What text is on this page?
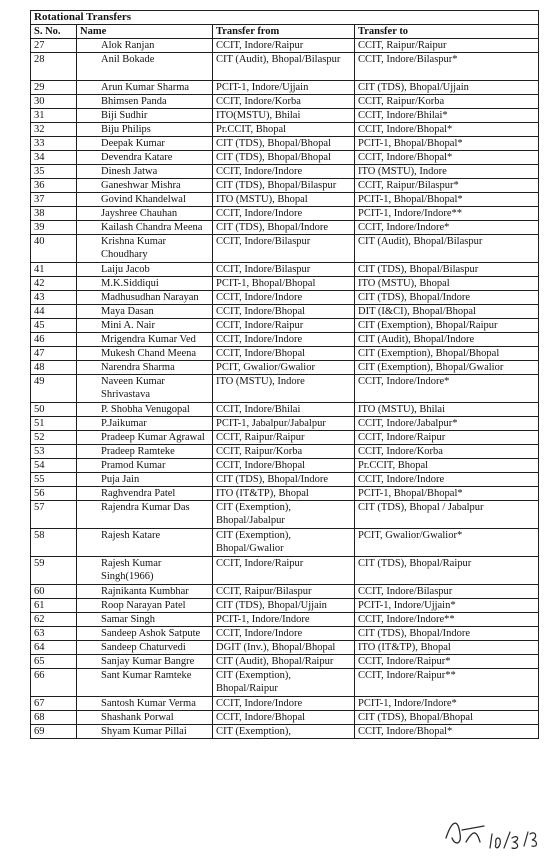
Rotational Transfers			
S. No.	Name	Transfer from	Transfer to
27	Alok Ranjan	CCIT, Indore/Raipur	CCIT, Raipur/Raipur
28	Anil Bokade	CIT (Audit), Bhopal/Bilaspur	CCIT, Indore/Bilaspur*
29	Arun Kumar Sharma	PCIT-1, Indore/Ujjain	CIT (TDS), Bhopal/Ujjain
30	Bhimsen Panda	CCIT, Indore/Korba	CCIT, Raipur/Korba
31	Biji Sudhir	ITO(MSTU), Bhilai	CCIT, Indore/Bhilai*
32	Biju Philips	Pr.CCIT, Bhopal	CCIT, Indore/Bhopal*
33	Deepak Kumar	CIT (TDS), Bhopal/Bhopal	PCIT-1, Bhopal/Bhopal*
34	Devendra Katare	CIT (TDS), Bhopal/Bhopal	CCIT, Indore/Bhopal*
35	Dinesh Jatwa	CCIT, Indore/Indore	ITO (MSTU), Indore
36	Ganeshwar Mishra	CIT (TDS), Bhopal/Bilaspur	CCIT, Raipur/Bilaspur*
37	Govind Khandelwal	ITO (MSTU), Bhopal	PCIT-1, Bhopal/Bhopal*
38	Jayshree Chauhan	CCIT, Indore/Indore	PCIT-1, Indore/Indore**
39	Kailash Chandra Meena	CIT (TDS), Bhopal/Indore	CCIT, Indore/Indore*
40	Krishna Kumar Choudhary	CCIT, Indore/Bilaspur	CIT (Audit), Bhopal/Bilaspur
41	Laiju Jacob	CCIT, Indore/Bilaspur	CIT (TDS), Bhopal/Bilaspur
42	M.K.Siddiqui	PCIT-1, Bhopal/Bhopal	ITO (MSTU), Bhopal
43	Madhusudhan Narayan	CCIT, Indore/Indore	CIT (TDS), Bhopal/Indore
44	Maya Dasan	CCIT, Indore/Bhopal	DIT (I&CI), Bhopal/Bhopal
45	Mini A. Nair	CCIT, Indore/Raipur	CIT (Exemption), Bhopal/Raipur
46	Mrigendra Kumar Ved	CCIT, Indore/Indore	CIT (Audit), Bhopal/Indore
47	Mukesh Chand Meena	CCIT, Indore/Bhopal	CIT (Exemption), Bhopal/Bhopal
48	Narendra Sharma	PCIT, Gwalior/Gwalior	CIT (Exemption), Bhopal/Gwalior
49	Naveen Kumar Shrivastava	ITO (MSTU), Indore	CCIT, Indore/Indore*
50	P. Shobha Venugopal	CCIT, Indore/Bhilai	ITO (MSTU), Bhilai
51	P.Jaikumar	PCIT-1, Jabalpur/Jabalpur	CCIT, Indore/Jabalpur*
52	Pradeep Kumar Agrawal	CCIT, Raipur/Raipur	CCIT, Indore/Raipur
53	Pradeep Ramteke	CCIT, Raipur/Korba	CCIT, Indore/Korba
54	Pramod Kumar	CCIT, Indore/Bhopal	Pr.CCIT, Bhopal
55	Puja Jain	CIT (TDS), Bhopal/Indore	CCIT, Indore/Indore
56	Raghvendra Patel	ITO (IT&TP), Bhopal	PCIT-1, Bhopal/Bhopal*
57	Rajendra Kumar Das	CIT (Exemption), Bhopal/Jabalpur	CIT (TDS), Bhopal / Jabalpur
58	Rajesh Katare	CIT (Exemption), Bhopal/Gwalior	PCIT, Gwalior/Gwalior*
59	Rajesh Kumar Singh(1966)	CCIT, Indore/Raipur	CIT (TDS), Bhopal/Raipur
60	Rajnikanta Kumbhar	CCIT, Raipur/Bilaspur	CCIT, Indore/Bilaspur
61	Roop Narayan Patel	CIT (TDS), Bhopal/Ujjain	PCIT-1, Indore/Ujjain*
62	Samar Singh	PCIT-1, Indore/Indore	CCIT, Indore/Indore**
63	Sandeep Ashok Satpute	CCIT, Indore/Indore	CIT (TDS), Bhopal/Indore
64	Sandeep Chaturvedi	DGIT (Inv.), Bhopal/Bhopal	ITO (IT&TP), Bhopal
65	Sanjay Kumar Bangre	CIT (Audit), Bhopal/Raipur	CCIT, Indore/Raipur*
66	Sant Kumar Ramteke	CIT (Exemption), Bhopal/Raipur	CCIT, Indore/Raipur**
67	Santosh Kumar Verma	CCIT, Indore/Indore	PCIT-1, Indore/Indore*
68	Shashank Porwal	CCIT, Indore/Bhopal	CIT (TDS), Bhopal/Bhopal
69	Shyam Kumar Pillai	CIT (Exemption),	CCIT, Indore/Bhopal*
